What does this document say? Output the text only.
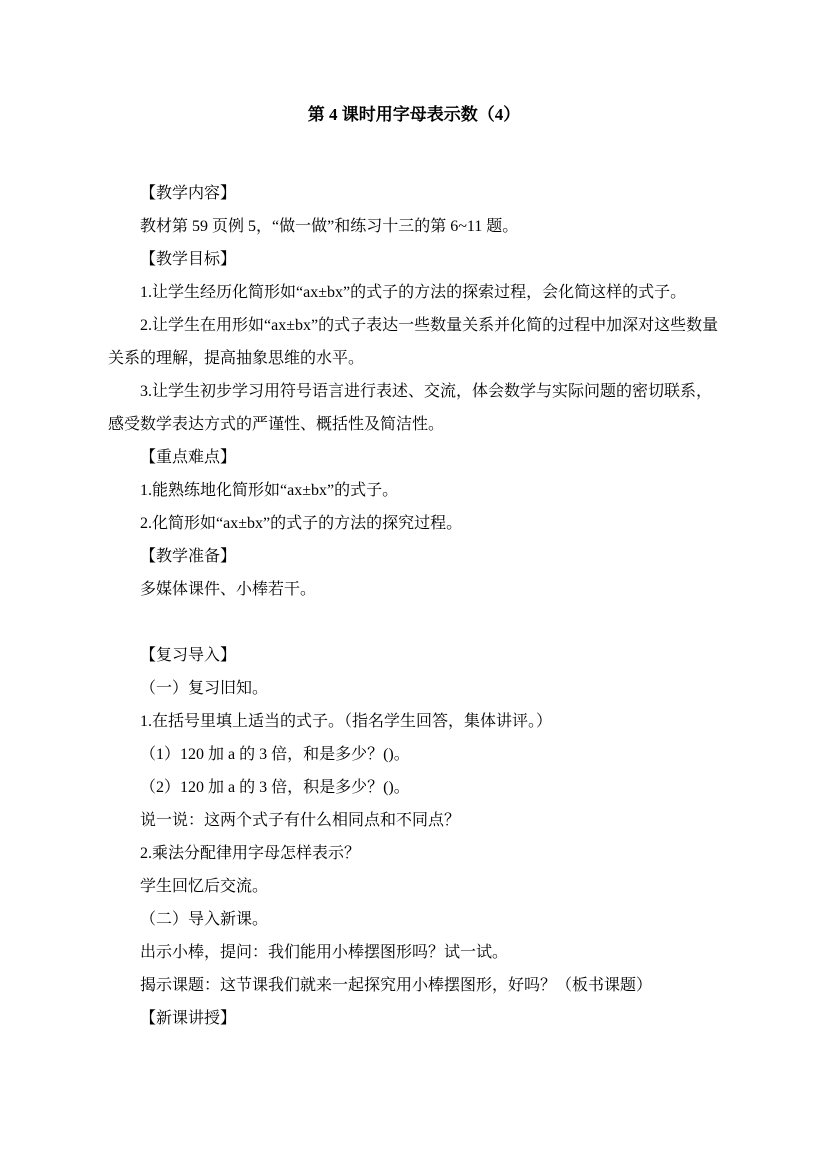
第 4 课时用字母表示数（4）

【教学内容】

教材第 59 页例 5，“做一做”和练习十三的第 6~11 题。

【教学目标】

1.让学生经历化简形如“ax±bx”的式子的方法的探索过程，会化简这样的式子。

2.让学生在用形如“ax±bx”的式子表达一些数量关系并化简的过程中加深对这些数量关系的理解，提高抽象思维的水平。

3.让学生初步学习用符号语言进行表述、交流，体会数学与实际问题的密切联系，感受数学表达方式的严谨性、概括性及简洁性。

【重点难点】

1.能熟练地化简形如“ax±bx”的式子。

2.化简形如“ax±bx”的式子的方法的探究过程。

【教学准备】

多媒体课件、小棒若干。

【复习导入】

（一）复习旧知。

1.在括号里填上适当的式子。（指名学生回答，集体讲评。）

（1）120 加 a 的 3 倍，和是多少？()。

（2）120 加 a 的 3 倍，积是多少？()。

说一说：这两个式子有什么相同点和不同点？

2.乘法分配律用字母怎样表示？

学生回忆后交流。

（二）导入新课。

出示小棒，提问：我们能用小棒摆图形吗？试一试。

揭示课题：这节课我们就来一起探究用小棒摆图形，好吗？（板书课题）

【新课讲授】
